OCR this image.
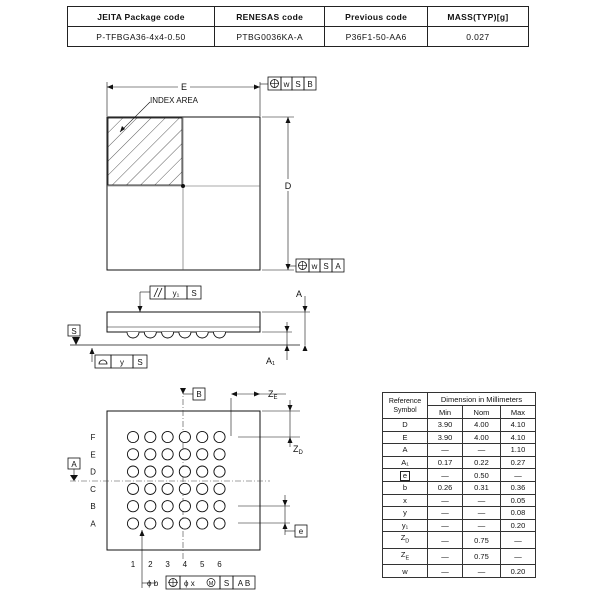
JEITA Package code	RENESAS code	Previous code	MASS(TYP)[g]
P-TFBGA36-4x4-0.50	PTBG0036KA-A	P36F1-50-AA6	0.027
E
INDEX AREA
w S B
D
w S A
y₁ S
S
A
A₁
y S
B
A
F
E
D
C
B
A
1 2 3 4 5 6
$Z_E$
$Z_D$
e
ϕ b	ϕ x	M S A B
Reference Symbol	Dimension in Millimeters		
	Min	Nom	Max
D	3.90	4.00	4.10
E	3.90	4.00	4.10
A	—	—	1.10
A₁	0.17	0.22	0.27
e	—	0.50	—
b	0.26	0.31	0.36
x	—	—	0.05
y	—	—	0.08
y₁	—	—	0.20
$Z_D$	—	0.75	—
$Z_E$	—	0.75	—
w	—	—	0.20
